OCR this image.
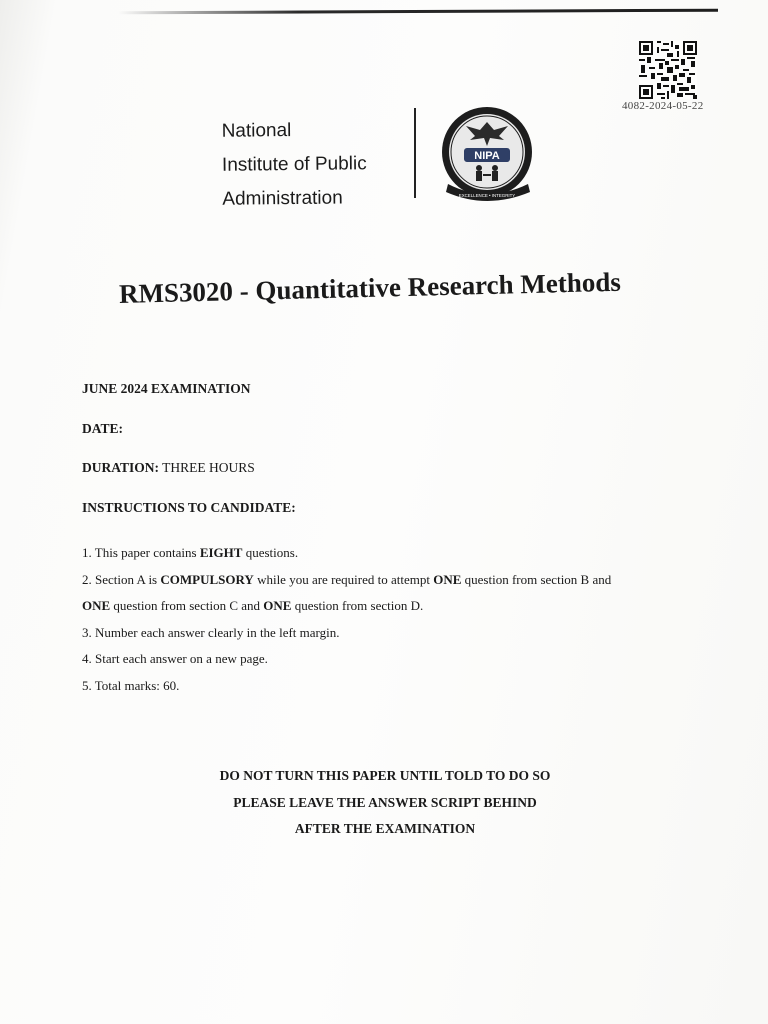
4082-2024-05-22
National
Institute of Public
Administration
NIPA
EXCELLENCE • INTEGRITY
RMS3020 - Quantitative Research Methods
JUNE 2024 EXAMINATION
DATE:
DURATION: THREE HOURS
INSTRUCTIONS TO CANDIDATE:
1. This paper contains EIGHT questions.
2. Section A is COMPULSORY while you are required to attempt ONE question from section B and
ONE question from section C and ONE question from section D.
3. Number each answer clearly in the left margin.
4. Start each answer on a new page.
5. Total marks: 60.
DO NOT TURN THIS PAPER UNTIL TOLD TO DO SO
PLEASE LEAVE THE ANSWER SCRIPT BEHIND
AFTER THE EXAMINATION
